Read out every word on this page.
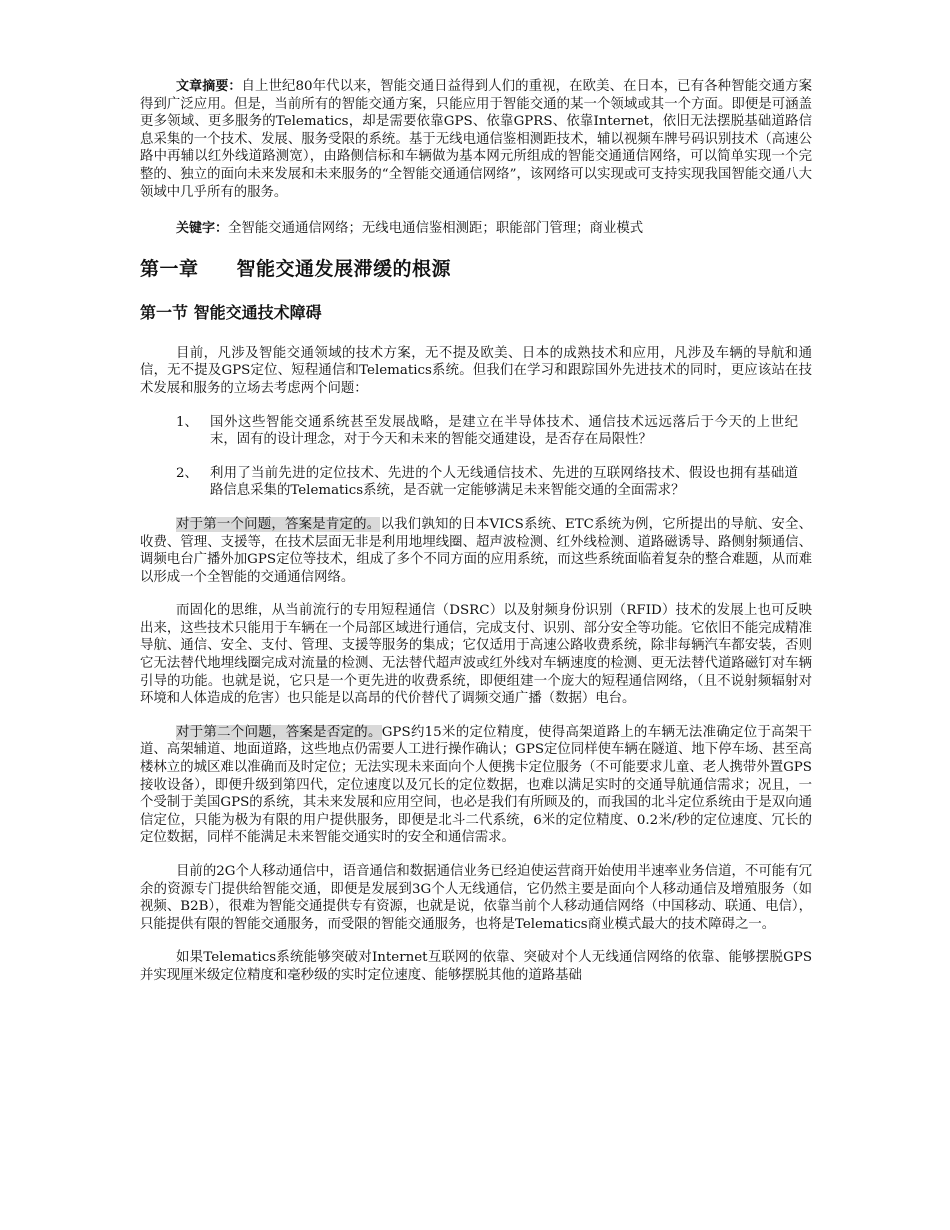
文章摘要：自上世纪80年代以来，智能交通日益得到人们的重视，在欧美、在日本，已有各种智能交通方案得到广泛应用。但是，当前所有的智能交通方案，只能应用于智能交通的某一个领域或其一个方面。即便是可涵盖更多领域、更多服务的Telematics，却是需要依靠GPS、依靠GPRS、依靠Internet，依旧无法摆脱基础道路信息采集的一个技术、发展、服务受限的系统。基于无线电通信鉴相测距技术，辅以视频车牌号码识别技术（高速公路中再辅以红外线道路测宽），由路侧信标和车辆做为基本网元所组成的智能交通通信网络，可以简单实现一个完整的、独立的面向未来发展和未来服务的“全智能交通通信网络”，该网络可以实现或可支持实现我国智能交通八大领域中几乎所有的服务。

关键字：全智能交通通信网络；无线电通信鉴相测距；职能部门管理；商业模式

第一章 智能交通发展滞缓的根源
第一节 智能交通技术障碍

目前，凡涉及智能交通领域的技术方案，无不提及欧美、日本的成熟技术和应用，凡涉及车辆的导航和通信，无不提及GPS定位、短程通信和Telematics系统。但我们在学习和跟踪国外先进技术的同时，更应该站在技术发展和服务的立场去考虑两个问题：

1、 国外这些智能交通系统甚至发展战略，是建立在半导体技术、通信技术远远落后于今天的上世纪末，固有的设计理念，对于今天和未来的智能交通建设，是否存在局限性？
2、 利用了当前先进的定位技术、先进的个人无线通信技术、先进的互联网络技术、假设也拥有基础道路信息采集的Telematics系统，是否就一定能够满足未来智能交通的全面需求？

对于第一个问题，答案是肯定的。以我们孰知的日本VICS系统、ETC系统为例，它所提出的导航、安全、收费、管理、支援等，在技术层面无非是利用地埋线圈、超声波检测、红外线检测、道路磁诱导、路侧射频通信、调频电台广播外加GPS定位等技术，组成了多个不同方面的应用系统，而这些系统面临着复杂的整合难题，从而难以形成一个全智能的交通通信网络。

而固化的思维，从当前流行的专用短程通信（DSRC）以及射频身份识别（RFID）技术的发展上也可反映出来，这些技术只能用于车辆在一个局部区域进行通信，完成支付、识别、部分安全等功能。它依旧不能完成精准导航、通信、安全、支付、管理、支援等服务的集成；它仅适用于高速公路收费系统，除非每辆汽车都安装，否则它无法替代地埋线圈完成对流量的检测、无法替代超声波或红外线对车辆速度的检测、更无法替代道路磁钉对车辆引导的功能。也就是说，它只是一个更先进的收费系统，即便组建一个庞大的短程通信网络，（且不说射频辐射对环境和人体造成的危害）也只能是以高昂的代价替代了调频交通广播（数据）电台。

对于第二个问题，答案是否定的。GPS约15米的定位精度，使得高架道路上的车辆无法准确定位于高架干道、高架辅道、地面道路，这些地点仍需要人工进行操作确认；GPS定位同样使车辆在隧道、地下停车场、甚至高楼林立的城区难以准确而及时定位；无法实现未来面向个人便携卡定位服务（不可能要求儿童、老人携带外置GPS接收设备），即便升级到第四代，定位速度以及冗长的定位数据，也难以满足实时的交通导航通信需求；况且，一个受制于美国GPS的系统，其未来发展和应用空间，也必是我们有所顾及的，而我国的北斗定位系统由于是双向通信定位，只能为极为有限的用户提供服务，即便是北斗二代系统，6米的定位精度、0.2米/秒的定位速度、冗长的定位数据，同样不能满足未来智能交通实时的安全和通信需求。

目前的2G个人移动通信中，语音通信和数据通信业务已经迫使运营商开始使用半速率业务信道，不可能有冗余的资源专门提供给智能交通，即便是发展到3G个人无线通信，它仍然主要是面向个人移动通信及增殖服务（如视频、B2B），很难为智能交通提供专有资源，也就是说，依靠当前个人移动通信网络（中国移动、联通、电信），只能提供有限的智能交通服务，而受限的智能交通服务，也将是Telematics商业模式最大的技术障碍之一。

如果Telematics系统能够突破对Internet互联网的依靠、突破对个人无线通信网络的依靠、能够摆脱GPS并实现厘米级定位精度和毫秒级的实时定位速度、能够摆脱其他的道路基础
